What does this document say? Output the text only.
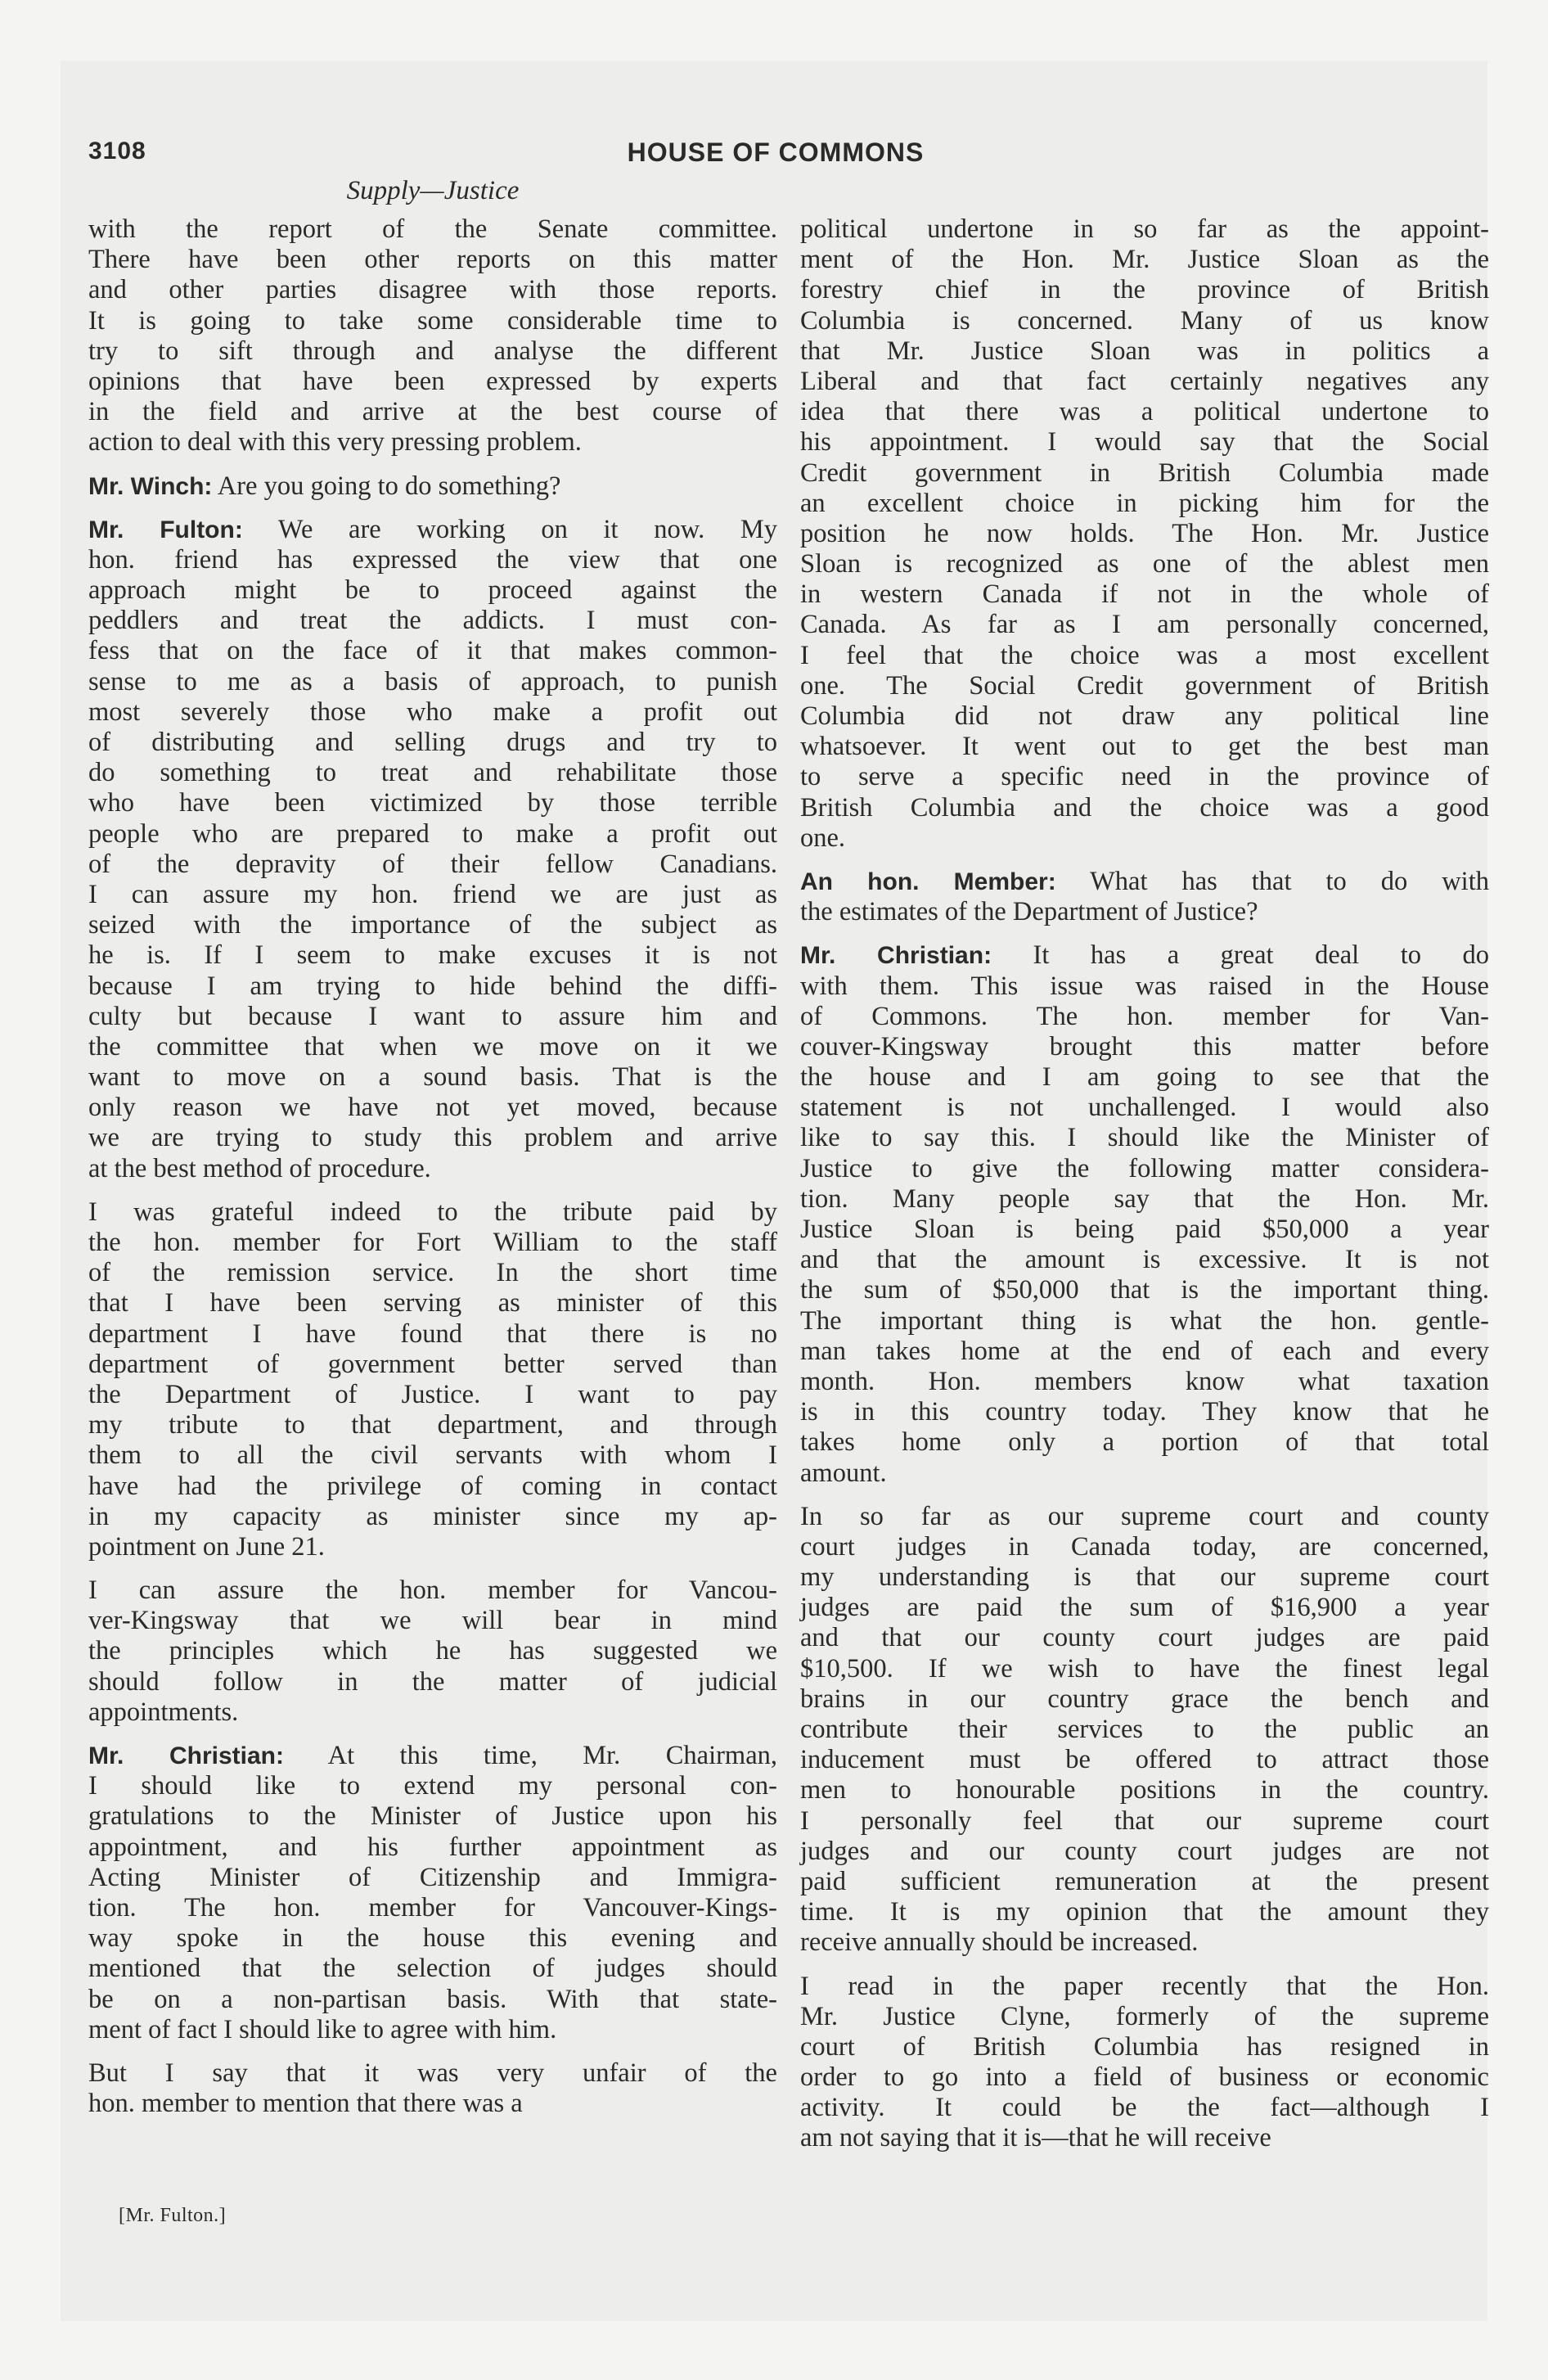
3108	HOUSE OF COMMONS
Supply—Justice
with the report of the Senate committee.
There have been other reports on this matter
and other parties disagree with those reports.
It is going to take some considerable time to
try to sift through and analyse the different
opinions that have been expressed by experts
in the field and arrive at the best course of
action to deal with this very pressing problem.
Mr. Winch: Are you going to do something?
Mr. Fulton: We are working on it now. My
hon. friend has expressed the view that one
approach might be to proceed against the
peddlers and treat the addicts. I must con-
fess that on the face of it that makes common-
sense to me as a basis of approach, to punish
most severely those who make a profit out
of distributing and selling drugs and try to
do something to treat and rehabilitate those
who have been victimized by those terrible
people who are prepared to make a profit out
of the depravity of their fellow Canadians.
I can assure my hon. friend we are just as
seized with the importance of the subject as
he is. If I seem to make excuses it is not
because I am trying to hide behind the diffi-
culty but because I want to assure him and
the committee that when we move on it we
want to move on a sound basis. That is the
only reason we have not yet moved, because
we are trying to study this problem and arrive
at the best method of procedure.
I was grateful indeed to the tribute paid by
the hon. member for Fort William to the staff
of the remission service. In the short time
that I have been serving as minister of this
department I have found that there is no
department of government better served than
the Department of Justice. I want to pay
my tribute to that department, and through
them to all the civil servants with whom I
have had the privilege of coming in contact
in my capacity as minister since my ap-
pointment on June 21.
I can assure the hon. member for Vancou-
ver-Kingsway that we will bear in mind
the principles which he has suggested we
should follow in the matter of judicial
appointments.
Mr. Christian: At this time, Mr. Chairman,
I should like to extend my personal con-
gratulations to the Minister of Justice upon his
appointment, and his further appointment as
Acting Minister of Citizenship and Immigra-
tion. The hon. member for Vancouver-Kings-
way spoke in the house this evening and
mentioned that the selection of judges should
be on a non-partisan basis. With that state-
ment of fact I should like to agree with him.
But I say that it was very unfair of the
hon. member to mention that there was a
political undertone in so far as the appoint-
ment of the Hon. Mr. Justice Sloan as the
forestry chief in the province of British
Columbia is concerned. Many of us know
that Mr. Justice Sloan was in politics a
Liberal and that fact certainly negatives any
idea that there was a political undertone to
his appointment. I would say that the Social
Credit government in British Columbia made
an excellent choice in picking him for the
position he now holds. The Hon. Mr. Justice
Sloan is recognized as one of the ablest men
in western Canada if not in the whole of
Canada. As far as I am personally concerned,
I feel that the choice was a most excellent
one. The Social Credit government of British
Columbia did not draw any political line
whatsoever. It went out to get the best man
to serve a specific need in the province of
British Columbia and the choice was a good
one.
An hon. Member: What has that to do with
the estimates of the Department of Justice?
Mr. Christian: It has a great deal to do
with them. This issue was raised in the House
of Commons. The hon. member for Van-
couver-Kingsway brought this matter before
the house and I am going to see that the
statement is not unchallenged. I would also
like to say this. I should like the Minister of
Justice to give the following matter considera-
tion. Many people say that the Hon. Mr.
Justice Sloan is being paid $50,000 a year
and that the amount is excessive. It is not
the sum of $50,000 that is the important thing.
The important thing is what the hon. gentle-
man takes home at the end of each and every
month. Hon. members know what taxation
is in this country today. They know that he
takes home only a portion of that total
amount.
In so far as our supreme court and county
court judges in Canada today, are concerned,
my understanding is that our supreme court
judges are paid the sum of $16,900 a year
and that our county court judges are paid
$10,500. If we wish to have the finest legal
brains in our country grace the bench and
contribute their services to the public an
inducement must be offered to attract those
men to honourable positions in the country.
I personally feel that our supreme court
judges and our county court judges are not
paid sufficient remuneration at the present
time. It is my opinion that the amount they
receive annually should be increased.
I read in the paper recently that the Hon.
Mr. Justice Clyne, formerly of the supreme
court of British Columbia has resigned in
order to go into a field of business or economic
activity. It could be the fact—although I
am not saying that it is—that he will receive
[Mr. Fulton.]
